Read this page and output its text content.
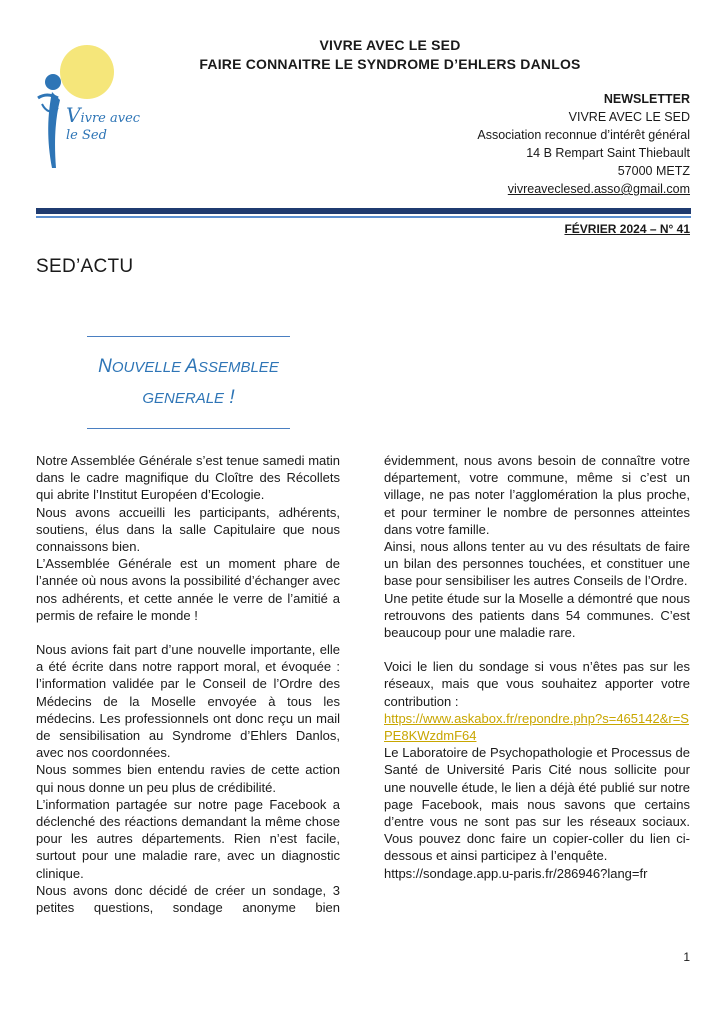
Vivre avec
le Sed
VIVRE AVEC LE SED
FAIRE CONNAITRE LE SYNDROME D’EHLERS DANLOS
NEWSLETTER
VIVRE AVEC LE SED
Association reconnue d’intérêt général
14 B Rempart Saint Thiebault
57000 METZ
vivreaveclesed.asso@gmail.com
FÉVRIER 2024 – N° 41
SED’ACTU
NOUVELLE ASSEMBLEE
GENERALE !

Notre Assemblée Générale s’est tenue samedi matin dans le cadre magnifique du Cloître des Récollets qui abrite l’Institut Européen d’Ecologie.

Nous avons accueilli les participants, adhérents, soutiens, élus dans la salle Capitulaire que nous connaissons bien.

L’Assemblée Générale est un moment phare de l’année où nous avons la possibilité d’échanger avec nos adhérents, et cette année le verre de l’amitié a permis de refaire le monde !

Nous avions fait part d’une nouvelle importante, elle a été écrite dans notre rapport moral, et évoquée : l’information validée par le Conseil de l’Ordre des Médecins de la Moselle envoyée à tous les médecins. Les professionnels ont donc reçu un mail de sensibilisation au Syndrome d’Ehlers Danlos, avec nos coordonnées.

Nous sommes bien entendu ravies de cette action qui nous donne un peu plus de crédibilité.

L’information partagée sur notre page Facebook a déclenché des réactions demandant la même chose pour les autres départements. Rien n’est facile, surtout pour une maladie rare, avec un diagnostic clinique.

Nous avons donc décidé de créer un sondage, 3 petites questions, sondage anonyme bien

évidemment, nous avons besoin de connaître votre département, votre commune, même si c’est un village, ne pas noter l’agglomération la plus proche, et pour terminer le nombre de personnes atteintes dans votre famille.

Ainsi, nous allons tenter au vu des résultats de faire un bilan des personnes touchées, et constituer une base pour sensibiliser les autres Conseils de l’Ordre.

Une petite étude sur la Moselle a démontré que nous retrouvons des patients dans 54 communes. C’est beaucoup pour une maladie rare.

Voici le lien du sondage si vous n’êtes pas sur les réseaux, mais que vous souhaitez apporter votre contribution :

https://www.askabox.fr/repondre.php?s=465142&r=SPE8KWzdmF64

Le Laboratoire de Psychopathologie et Processus de Santé de Université Paris Cité nous sollicite pour une nouvelle étude, le lien a déjà été publié sur notre page Facebook, mais nous savons que certains d’entre vous ne sont pas sur les réseaux sociaux. Vous pouvez donc faire un copier-coller du lien ci-dessous et ainsi participez à l’enquête.

https://sondage.app.u-paris.fr/286946?lang=fr

1
